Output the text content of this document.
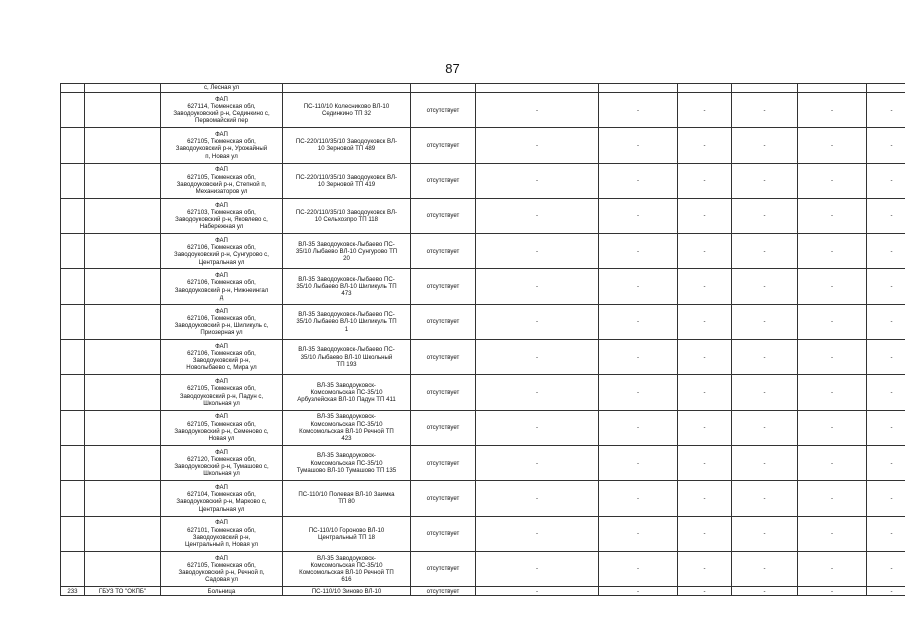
87
		с, Лесная ул								
		ФАП
627114, Тюменская обл,
Заводоуковский р-н, Сединкино с,
Первомайский пер	ПС-110/10 Колесниково ВЛ-10
Сединкино ТП 32	отсутствует	-	-	-	-	-	-
		ФАП
627105, Тюменская обл,
Заводоуковский р-н, Урожайный
п, Новая ул	ПС-220/110/35/10 Заводоуковск ВЛ-
10 Зерновой ТП 489	отсутствует	-	-	-	-	-	-
		ФАП
627105, Тюменская обл,
Заводоуковский р-н, Степной п,
Механизаторов ул	ПС-220/110/35/10 Заводоуковск ВЛ-
10 Зерновой ТП 419	отсутствует	-	-	-	-	-	-
		ФАП
627103, Тюменская обл,
Заводоуковский р-н, Яковлево с,
Набережная ул	ПС-220/110/35/10 Заводоуковск ВЛ-
10 Сельхозпро ТП 118	отсутствует	-	-	-	-	-	-
		ФАП
627106, Тюменская обл,
Заводоуковский р-н, Сунгурово с,
Центральная ул	ВЛ-35 Заводоуковск-Лыбаево ПС-
35/10 Лыбаево ВЛ-10 Сунгурово ТП
20	отсутствует	-	-	-	-	-	-
		ФАП
627106, Тюменская обл,
Заводоуковский р-н, Нижнеингал
д	ВЛ-35 Заводоуковск-Лыбаево ПС-
35/10 Лыбаево ВЛ-10 Шиликуль ТП
473	отсутствует	-	-	-	-	-	-
		ФАП
627106, Тюменская обл,
Заводоуковский р-н, Шиликуль с,
Приозерная ул	ВЛ-35 Заводоуковск-Лыбаево ПС-
35/10 Лыбаево ВЛ-10 Шиликуль ТП
1	отсутствует	-	-	-	-	-	-
		ФАП
627106, Тюменская обл,
Заводоуковский р-н,
Новолыбаево с, Мира ул	ВЛ-35 Заводоуковск-Лыбаево ПС-
35/10 Лыбаево ВЛ-10 Школьный
ТП 193	отсутствует	-	-	-	-	-	-
		ФАП
627105, Тюменская обл,
Заводоуковский р-н, Падун с,
Школьная ул	ВЛ-35 Заводоуковск-
Комсомольская ПС-35/10
Арбузлейская ВЛ-10 Падун ТП 411	отсутствует	-	-	-	-	-	-
		ФАП
627105, Тюменская обл,
Заводоуковский р-н, Семеново с,
Новая ул	ВЛ-35 Заводоуковск-
Комсомольская ПС-35/10
Комсомольская ВЛ-10 Речной ТП
423	отсутствует	-	-	-	-	-	-
		ФАП
627120, Тюменская обл,
Заводоуковский р-н, Тумашово с,
Школьная ул	ВЛ-35 Заводоуковск-
Комсомольская ПС-35/10
Тумашово ВЛ-10 Тумашово ТП 135	отсутствует	-	-	-	-	-	-
		ФАП
627104, Тюменская обл,
Заводоуковский р-н, Марково с,
Центральная ул	ПС-110/10 Полевая ВЛ-10 Заимка
ТП 80	отсутствует	-	-	-	-	-	-
		ФАП
627101, Тюменская обл,
Заводоуковский р-н,
Центральный п, Новая ул	ПС-110/10 Гороново ВЛ-10
Центральный ТП 18	отсутствует	-	-	-	-	-	-
		ФАП
627105, Тюменская обл,
Заводоуковский р-н, Речной п,
Садовая ул	ВЛ-35 Заводоуковск-
Комсомольская ПС-35/10
Комсомольская ВЛ-10 Речной ТП
616	отсутствует	-	-	-	-	-	-
233	ГБУЗ ТО "ОКПБ"	Больница	ПС-110/10 Зиново ВЛ-10	отсутствует	-	-	-	-	-	-
